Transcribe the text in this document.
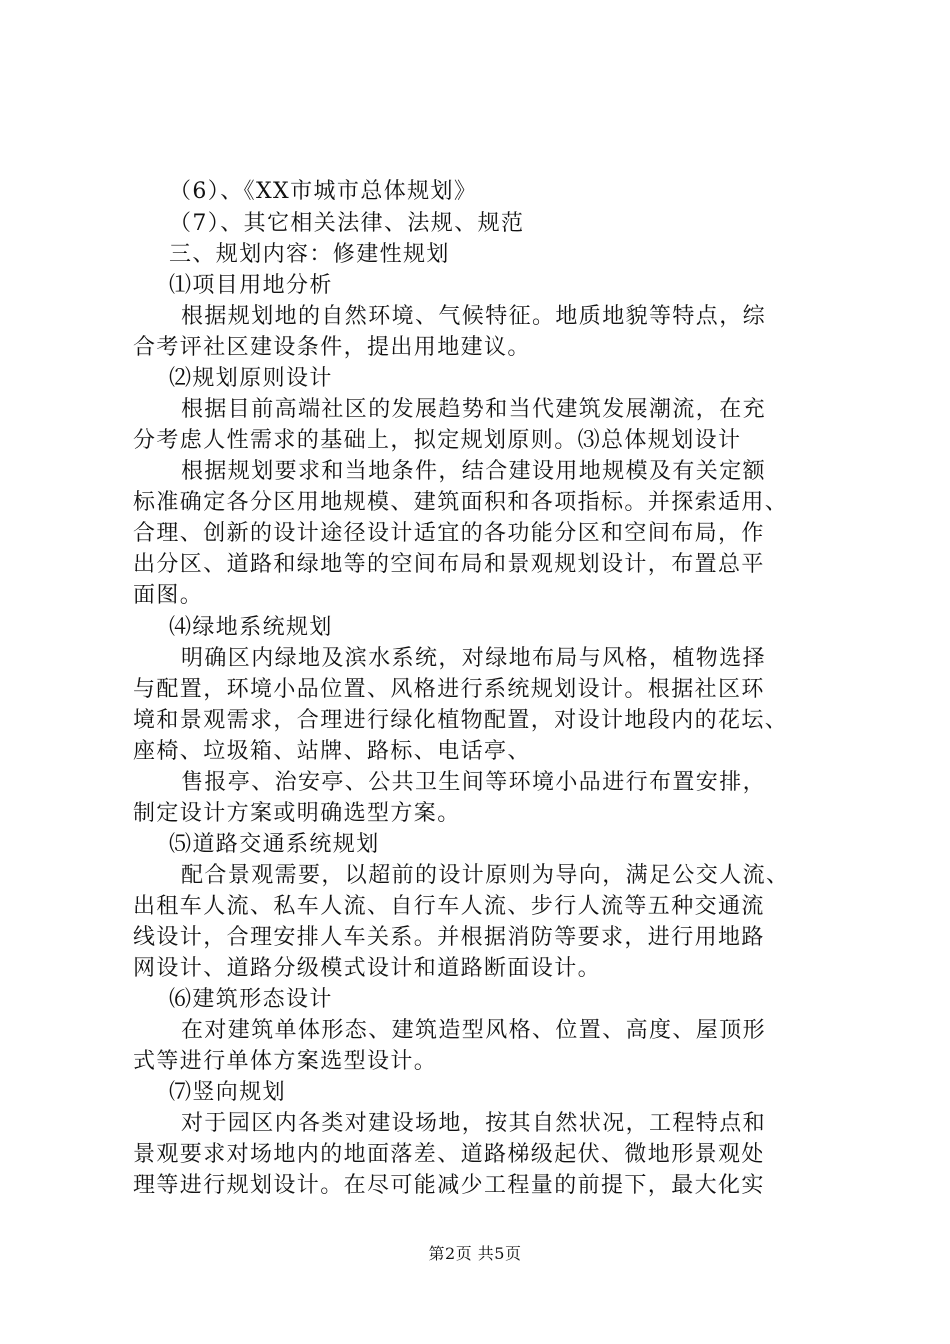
（6）、《XX市城市总体规划》
（7）、其它相关法律、法规、规范
三、规划内容：修建性规划
⑴项目用地分析
根据规划地的自然环境、气候特征。地质地貌等特点，综
合考评社区建设条件，提出用地建议。
⑵规划原则设计
根据目前高端社区的发展趋势和当代建筑发展潮流，在充
分考虑人性需求的基础上，拟定规划原则。⑶总体规划设计
根据规划要求和当地条件，结合建设用地规模及有关定额
标准确定各分区用地规模、建筑面积和各项指标。并探索适用、
合理、创新的设计途径设计适宜的各功能分区和空间布局，作
出分区、道路和绿地等的空间布局和景观规划设计，布置总平
面图。
⑷绿地系统规划
明确区内绿地及滨水系统，对绿地布局与风格，植物选择
与配置，环境小品位置、风格进行系统规划设计。根据社区环
境和景观需求，合理进行绿化植物配置，对设计地段内的花坛、
座椅、垃圾箱、站牌、路标、电话亭、
售报亭、治安亭、公共卫生间等环境小品进行布置安排，
制定设计方案或明确选型方案。
⑸道路交通系统规划
配合景观需要，以超前的设计原则为导向，满足公交人流、
出租车人流、私车人流、自行车人流、步行人流等五种交通流
线设计，合理安排人车关系。并根据消防等要求，进行用地路
网设计、道路分级模式设计和道路断面设计。
⑹建筑形态设计
在对建筑单体形态、建筑造型风格、位置、高度、屋顶形
式等进行单体方案选型设计。
⑺竖向规划
对于园区内各类对建设场地，按其自然状况，工程特点和
景观要求对场地内的地面落差、道路梯级起伏、微地形景观处
理等进行规划设计。在尽可能减少工程量的前提下，最大化实
第2页 共5页
